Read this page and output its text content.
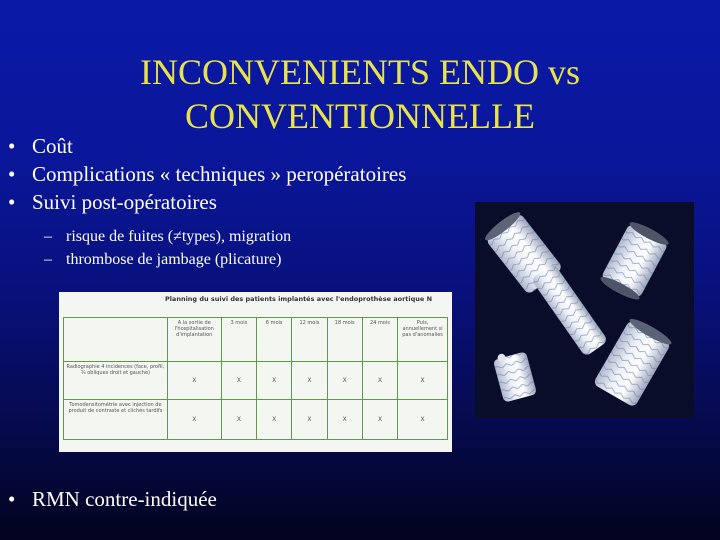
INCONVENIENTS ENDO vs CONVENTIONNELLE
• Coût
• Complications « techniques » peropératoires
• Suivi post-opératoires
– risque de fuites (≠types), migration
– thrombose de jambage (plicature)
Planning du suivi des patients implantés avec l'endoprothèse aortique N
	A la sortie de l'hospitalisation d'implantation	3 mois	6 mois	12 mois	18 mois	24 mois	Puis, annuellement si pas d'anomalies
Radiographie 4 incidences (face, profil, ¾ obliques droit et gauche)	X	X	X	X	X	X	X
Tomodensitométrie avec injection de produit de contraste et clichés tardifs	X	X	X	X	X	X	X
• RMN contre-indiquée
